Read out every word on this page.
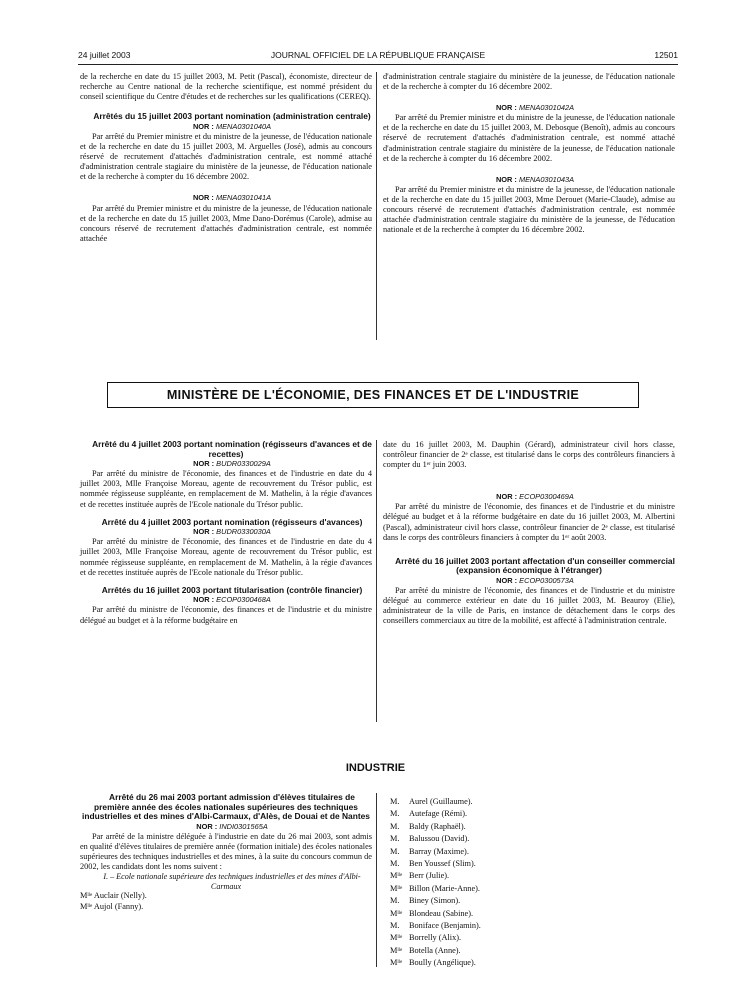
24 juillet 2003	JOURNAL OFFICIEL DE LA RÉPUBLIQUE FRANÇAISE	12501

de la recherche en date du 15 juillet 2003, M. Petit (Pascal), économiste, directeur de recherche au Centre national de la recherche scientifique, est nommé président du conseil scientifique du Centre d'études et de recherches sur les qualifications (CEREQ).

Arrêtés du 15 juillet 2003 portant nomination (administration centrale)

NOR : MENA0301040A

Par arrêté du Premier ministre et du ministre de la jeunesse, de l'éducation nationale et de la recherche en date du 15 juillet 2003, M. Arguelles (José), admis au concours réservé de recrutement d'attachés d'administration centrale, est nommé attaché d'administration centrale stagiaire du ministère de la jeunesse, de l'éducation nationale et de la recherche à compter du 16 décembre 2002.

NOR : MENA0301041A

Par arrêté du Premier ministre et du ministre de la jeunesse, de l'éducation nationale et de la recherche en date du 15 juillet 2003, Mme Dano-Dorémus (Carole), admise au concours réservé de recrutement d'attachés d'administration centrale, est nommée attachée

d'administration centrale stagiaire du ministère de la jeunesse, de l'éducation nationale et de la recherche à compter du 16 décembre 2002.

NOR : MENA0301042A

Par arrêté du Premier ministre et du ministre de la jeunesse, de l'éducation nationale et de la recherche en date du 15 juillet 2003, M. Debosque (Benoît), admis au concours réservé de recrutement d'attachés d'administration centrale, est nommé attaché d'administration centrale stagiaire du ministère de la jeunesse, de l'éducation nationale et de la recherche à compter du 16 décembre 2002.

NOR : MENA0301043A

Par arrêté du Premier ministre et du ministre de la jeunesse, de l'éducation nationale et de la recherche en date du 15 juillet 2003, Mme Derouet (Marie-Claude), admise au concours réservé de recrutement d'attachés d'administration centrale, est nommée attachée d'administration centrale stagiaire du ministère de la jeunesse, de l'éducation nationale et de la recherche à compter du 16 décembre 2002.

MINISTÈRE DE L'ÉCONOMIE, DES FINANCES ET DE L'INDUSTRIE

Arrêté du 4 juillet 2003 portant nomination (régisseurs d'avances et de recettes)

NOR : BUDR0330029A

Par arrêté du ministre de l'économie, des finances et de l'industrie en date du 4 juillet 2003, Mlle Françoise Moreau, agente de recouvrement du Trésor public, est nommée régisseuse suppléante, en remplacement de M. Mathelin, à la régie d'avances et de recettes instituée auprès de l'Ecole nationale du Trésor public.

Arrêté du 4 juillet 2003 portant nomination (régisseurs d'avances)

NOR : BUDR0330030A

Par arrêté du ministre de l'économie, des finances et de l'industrie en date du 4 juillet 2003, Mlle Françoise Moreau, agente de recouvrement du Trésor public, est nommée régisseuse suppléante, en remplacement de M. Mathelin, à la régie d'avances et de recettes instituée auprès de l'Ecole nationale du Trésor public.

Arrêtés du 16 juillet 2003 portant titularisation (contrôle financier)

NOR : ECOP0300468A

Par arrêté du ministre de l'économie, des finances et de l'industrie et du ministre délégué au budget et à la réforme budgétaire en

date du 16 juillet 2003, M. Dauphin (Gérard), administrateur civil hors classe, contrôleur financier de 2ᵉ classe, est titularisé dans le corps des contrôleurs financiers à compter du 1ᵉʳ juin 2003.

NOR : ECOP0300469A

Par arrêté du ministre de l'économie, des finances et de l'industrie et du ministre délégué au budget et à la réforme budgétaire en date du 16 juillet 2003, M. Albertini (Pascal), administrateur civil hors classe, contrôleur financier de 2ᵉ classe, est titularisé dans le corps des contrôleurs financiers à compter du 1ᵉʳ août 2003.

Arrêté du 16 juillet 2003 portant affectation d'un conseiller commercial (expansion économique à l'étranger)

NOR : ECOP0300573A

Par arrêté du ministre de l'économie, des finances et de l'industrie et du ministre délégué au commerce extérieur en date du 16 juillet 2003, M. Beauroy (Elie), administrateur de la ville de Paris, en instance de détachement dans le corps des conseillers commerciaux au titre de la mobilité, est affecté à l'administration centrale.

INDUSTRIE

Arrêté du 26 mai 2003 portant admission d'élèves titulaires de première année des écoles nationales supérieures des techniques industrielles et des mines d'Albi-Carmaux, d'Alès, de Douai et de Nantes

NOR : INDI0301565A

Par arrêté de la ministre déléguée à l'industrie en date du 26 mai 2003, sont admis en qualité d'élèves titulaires de première année (formation initiale) des écoles nationales supérieures des techniques industrielles et des mines, à la suite du concours commun de 2002, les candidats dont les noms suivent :

I. – Ecole nationale supérieure des techniques industrielles et des mines d'Albi-Carmaux

Mˡˡᵉ Auclair (Nelly).
Mˡˡᵉ Aujol (Fanny).
M. Aurel (Guillaume).
M. Autefage (Rémi).
M. Baldy (Raphaël).
M. Balussou (David).
M. Barray (Maxime).
M. Ben Youssef (Slim).
Mˡˡᵉ Berr (Julie).
Mˡˡᵉ Billon (Marie-Anne).
M. Biney (Simon).
Mˡˡᵉ Blondeau (Sabine).
M. Boniface (Benjamin).
Mˡˡᵉ Borrelly (Alix).
Mˡˡᵉ Botella (Anne).
Mˡˡᵉ Boully (Angélique).
